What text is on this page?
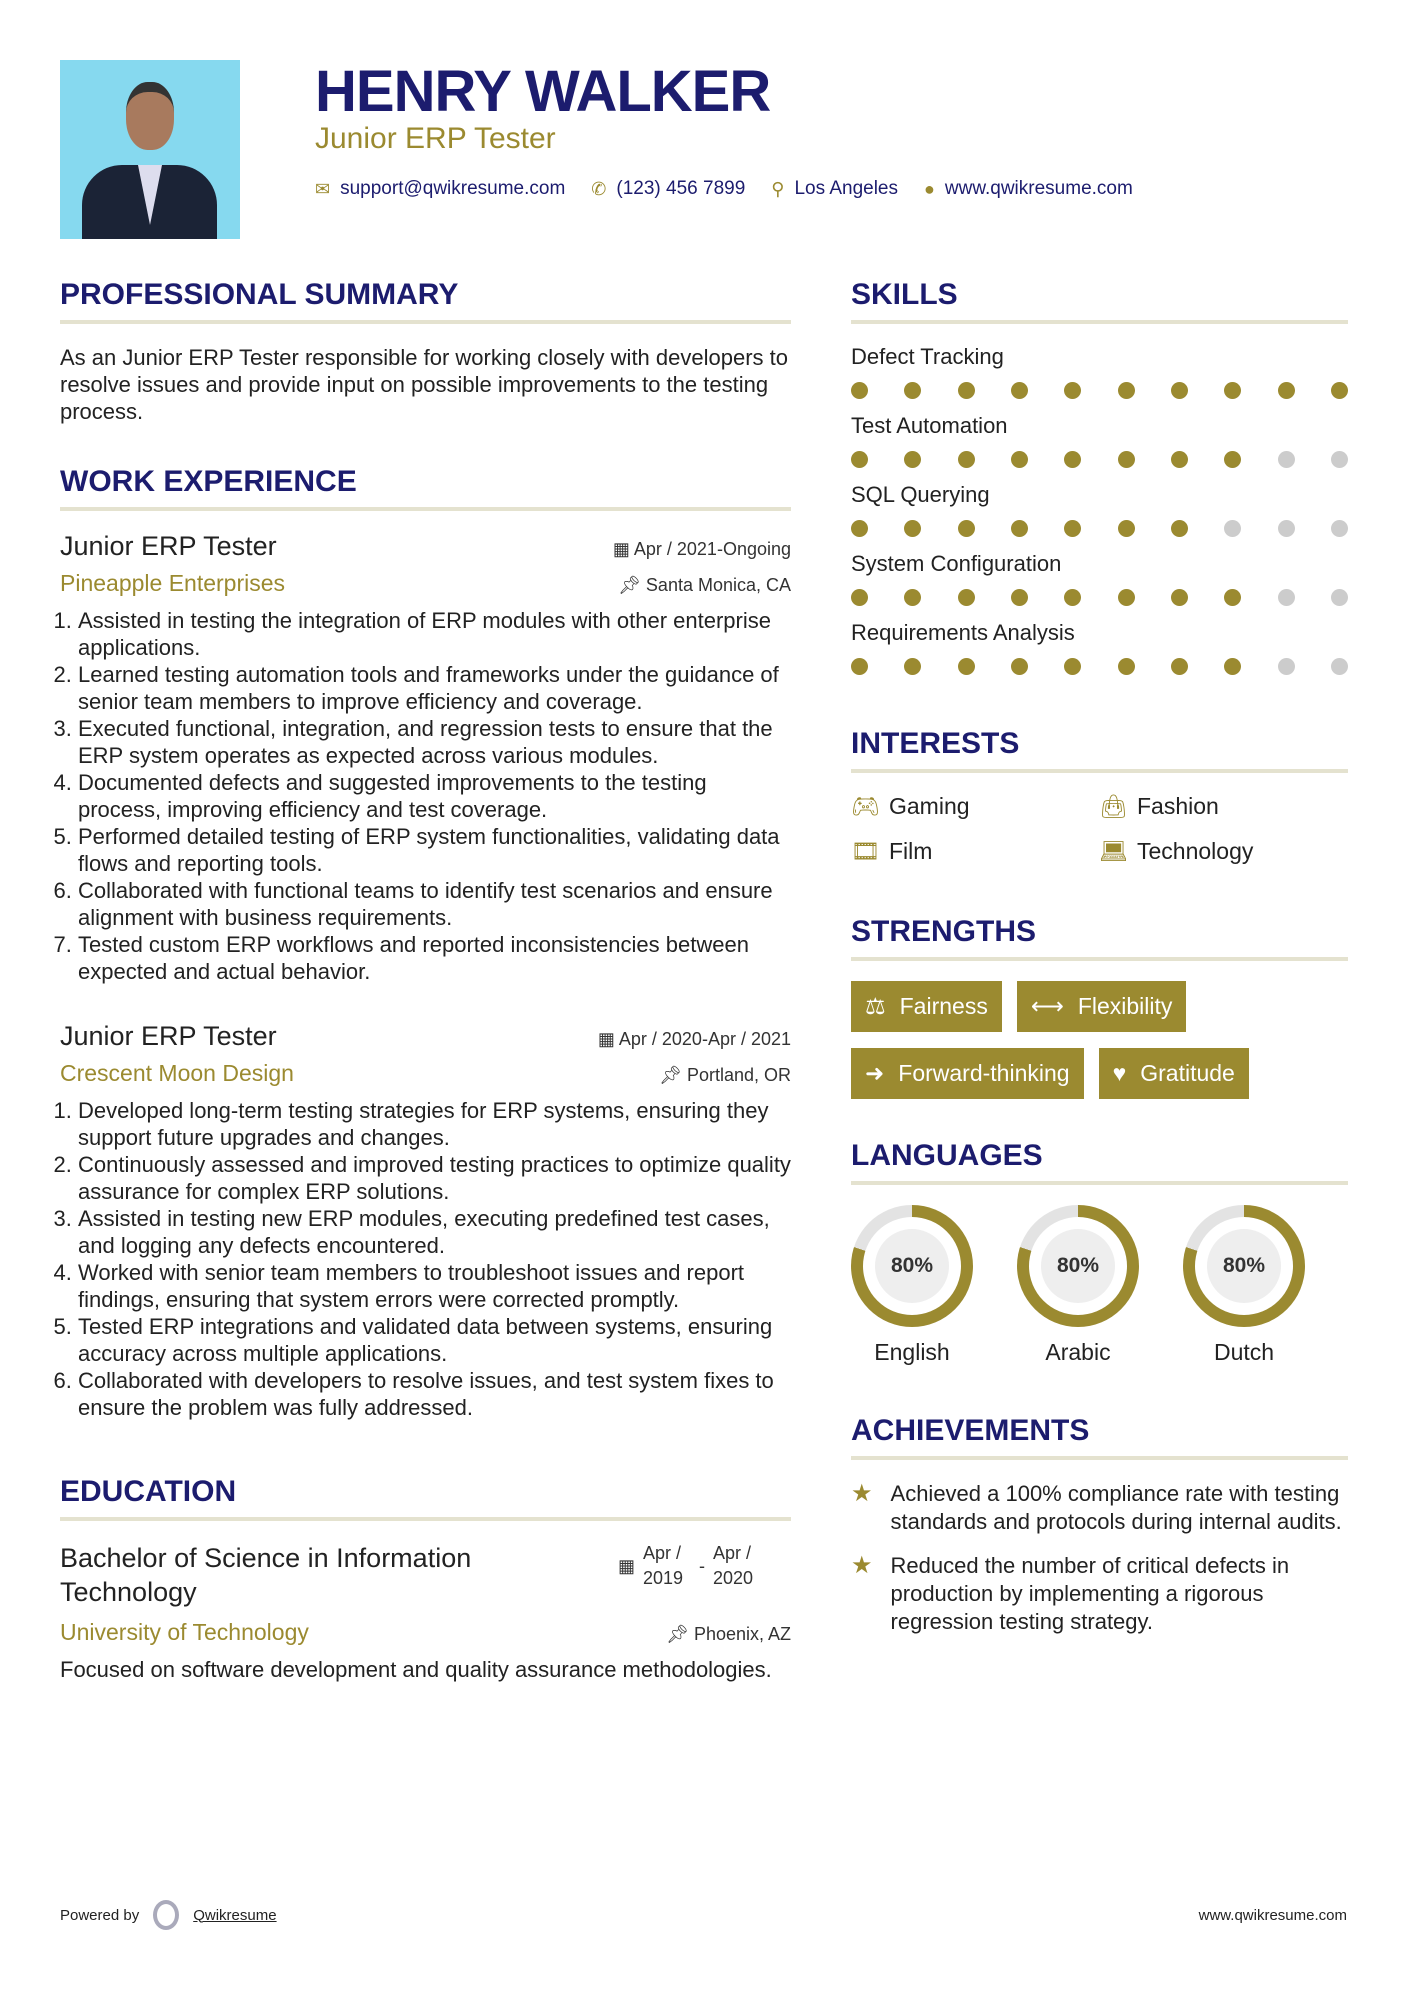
HENRY WALKER
Junior ERP Tester
✉ support@qwikresume.com ✆ (123) 456 7899 ⚲ Los Angeles ● www.qwikresume.com
PROFESSIONAL SUMMARY

As an Junior ERP Tester responsible for working closely with developers to resolve issues and provide input on possible improvements to the testing process.

WORK EXPERIENCE
Junior ERP Tester	▦ Apr / 2021-Ongoing
Pineapple Enterprises	📌︎ Santa Monica, CA
1. Assisted in testing the integration of ERP modules with other enterprise applications.
2. Learned testing automation tools and frameworks under the guidance of senior team members to improve efficiency and coverage.
3. Executed functional, integration, and regression tests to ensure that the ERP system operates as expected across various modules.
4. Documented defects and suggested improvements to the testing process, improving efficiency and test coverage.
5. Performed detailed testing of ERP system functionalities, validating data flows and reporting tools.
6. Collaborated with functional teams to identify test scenarios and ensure alignment with business requirements.
7. Tested custom ERP workflows and reported inconsistencies between expected and actual behavior.
Junior ERP Tester	▦ Apr / 2020-Apr / 2021
Crescent Moon Design	📌︎ Portland, OR
1. Developed long-term testing strategies for ERP systems, ensuring they support future upgrades and changes.
2. Continuously assessed and improved testing practices to optimize quality assurance for complex ERP solutions.
3. Assisted in testing new ERP modules, executing predefined test cases, and logging any defects encountered.
4. Worked with senior team members to troubleshoot issues and report findings, ensuring that system errors were corrected promptly.
5. Tested ERP integrations and validated data between systems, ensuring accuracy across multiple applications.
6. Collaborated with developers to resolve issues, and test system fixes to ensure the problem was fully addressed.
EDUCATION
Bachelor of Science in Information Technology
▦
Apr / 2019
-
Apr / 2020
University of Technology	📌︎ Phoenix, AZ

Focused on software development and quality assurance methodologies.

SKILLS
Defect Tracking
Test Automation
SQL Querying
System Configuration
Requirements Analysis
INTERESTS
🎮︎ Gaming	👜︎ Fashion
🎞︎ Film	💻︎ Technology
STRENGTHS
⚖ Fairness ⟷ Flexibility
➜ Forward-thinking ♥ Gratitude
LANGUAGES
80%
English
80%
Arabic
80%
Dutch
ACHIEVEMENTS
★ Achieved a 100% compliance rate with testing standards and protocols during internal audits.
★ Reduced the number of critical defects in production by implementing a rigorous regression testing strategy.
Powered by	Qwikresume	www.qwikresume.com
